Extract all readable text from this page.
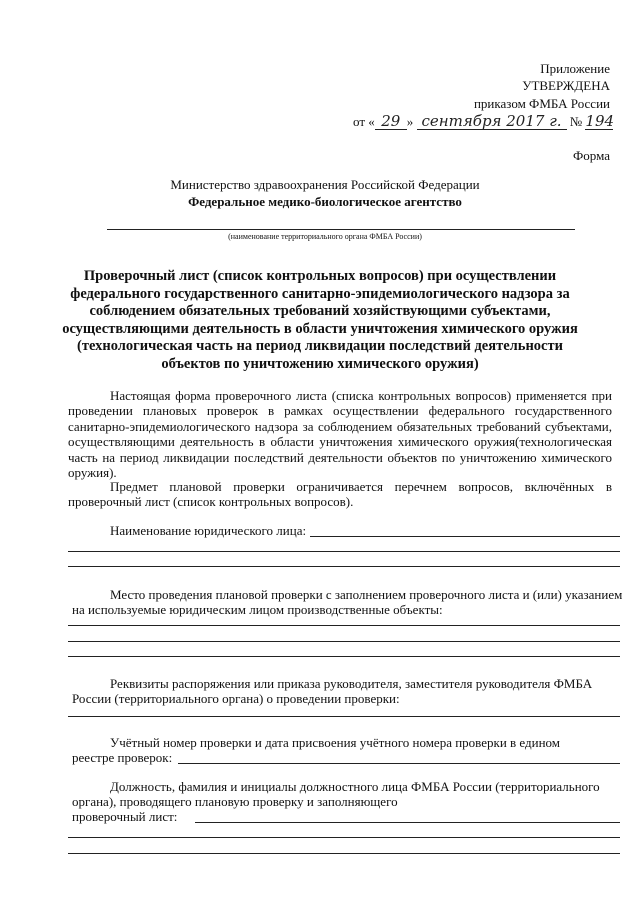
Приложение
УТВЕРЖДЕНА
приказом ФМБА России
от « 29 » сентября 2017 г. № 194
Форма
Министерство здравоохранения Российской Федерации
Федеральное медико-биологическое агентство
(наименование территориального органа ФМБА России)
Проверочный лист (список контрольных вопросов) при осуществлении
федерального государственного санитарно-эпидемиологического надзора за
соблюдением обязательных требований хозяйствующими субъектами,
осуществляющими деятельность в области уничтожения химического оружия
(технологическая часть на период ликвидации последствий деятельности
объектов по уничтожению химического оружия)
Настоящая форма проверочного листа (списка контрольных вопросов) применяется при проведении плановых проверок в рамках осуществлении федерального государственного санитарно-эпидемиологического надзора за соблюдением обязательных требований субъектами, осуществляющими деятельность в области уничтожения химического оружия(технологическая часть на период ликвидации последствий деятельности объектов по уничтожению химического оружия).
Предмет плановой проверки ограничивается перечнем вопросов, включённых в проверочный лист (список контрольных вопросов).
Наименование юридического лица:
Место проведения плановой проверки с заполнением проверочного листа и (или) указанием
на используемые юридическим лицом производственные объекты:
Реквизиты распоряжения или приказа руководителя, заместителя руководителя ФМБА
России (территориального органа) о проведении проверки:
Учётный номер проверки и дата присвоения учётного номера проверки в едином
реестре проверок:
Должность, фамилия и инициалы должностного лица ФМБА России (территориального
органа), проводящего плановую проверку и заполняющего
проверочный лист:
